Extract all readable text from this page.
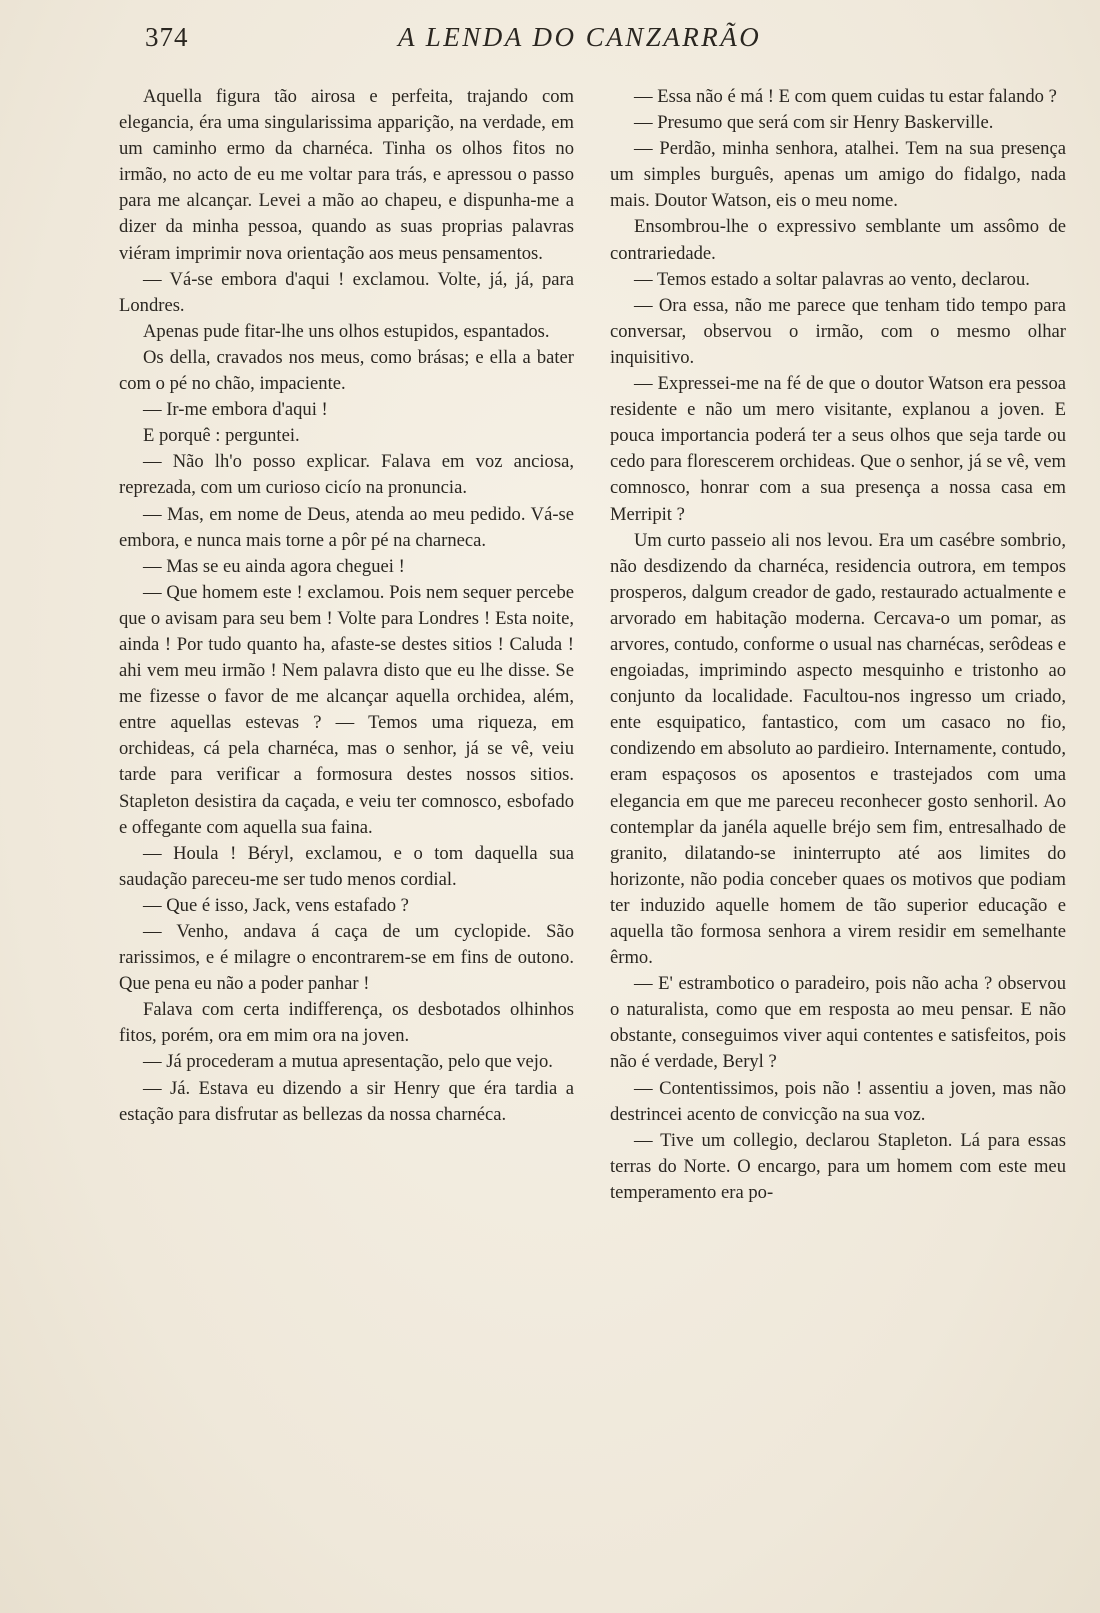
374	A LENDA DO CANZARRÃO

Aquella figura tão airosa e perfeita, trajando com elegancia, éra uma singularissima apparição, na verdade, em um caminho ermo da charnéca. Tinha os olhos fitos no irmão, no acto de eu me voltar para trás, e apressou o passo para me alcançar. Levei a mão ao chapeu, e dispunha-me a dizer da minha pessoa, quando as suas proprias palavras viéram imprimir nova orientação aos meus pensamentos.

— Vá-se embora d'aqui ! exclamou. Volte, já, já, para Londres.

Apenas pude fitar-lhe uns olhos estupidos, espantados.

Os della, cravados nos meus, como brásas; e ella a bater com o pé no chão, impaciente.

— Ir-me embora d'aqui !

E porquê : perguntei.

— Não lh'o posso explicar. Falava em voz anciosa, reprezada, com um curioso cicío na pronuncia.

— Mas, em nome de Deus, atenda ao meu pedido. Vá-se embora, e nunca mais torne a pôr pé na charneca.

— Mas se eu ainda agora cheguei !

— Que homem este ! exclamou. Pois nem sequer percebe que o avisam para seu bem ! Volte para Londres ! Esta noite, ainda ! Por tudo quanto ha, afaste-se destes sitios ! Caluda ! ahi vem meu irmão ! Nem palavra disto que eu lhe disse. Se me fizesse o favor de me alcançar aquella orchidea, além, entre aquellas estevas ? — Temos uma riqueza, em orchideas, cá pela charnéca, mas o senhor, já se vê, veiu tarde para verificar a formosura destes nossos sitios. Stapleton desistira da caçada, e veiu ter comnosco, esbofado e offegante com aquella sua faina.

— Houla ! Béryl, exclamou, e o tom daquella sua saudação pareceu-me ser tudo menos cordial.

— Que é isso, Jack, vens estafado ?

— Venho, andava á caça de um cyclopide. São rarissimos, e é milagre o encontrarem-se em fins de outono. Que pena eu não a poder panhar !

Falava com certa indifferença, os desbotados olhinhos fitos, porém, ora em mim ora na joven.

— Já procederam a mutua apresentação, pelo que vejo.

— Já. Estava eu dizendo a sir Henry que éra tardia a estação para disfrutar as bellezas da nossa charnéca.

— Essa não é má ! E com quem cuidas tu estar falando ?

— Presumo que será com sir Henry Baskerville.

— Perdão, minha senhora, atalhei. Tem na sua presença um simples burguês, apenas um amigo do fidalgo, nada mais. Doutor Watson, eis o meu nome.

Ensombrou-lhe o expressivo semblante um assômo de contrariedade.

— Temos estado a soltar palavras ao vento, declarou.

— Ora essa, não me parece que tenham tido tempo para conversar, observou o irmão, com o mesmo olhar inquisitivo.

— Expressei-me na fé de que o doutor Watson era pessoa residente e não um mero visitante, explanou a joven. E pouca importancia poderá ter a seus olhos que seja tarde ou cedo para florescerem orchideas. Que o senhor, já se vê, vem comnosco, honrar com a sua presença a nossa casa em Merripit ?

Um curto passeio ali nos levou. Era um casébre sombrio, não desdizendo da charnéca, residencia outrora, em tempos prosperos, dalgum creador de gado, restaurado actualmente e arvorado em habitação moderna. Cercava-o um pomar, as arvores, contudo, conforme o usual nas charnécas, serôdeas e engoiadas, imprimindo aspecto mesquinho e tristonho ao conjunto da localidade. Facultou-nos ingresso um criado, ente esquipatico, fantastico, com um casaco no fio, condizendo em absoluto ao pardieiro. Internamente, contudo, eram espaçosos os aposentos e trastejados com uma elegancia em que me pareceu reconhecer gosto senhoril. Ao contemplar da janéla aquelle bréjo sem fim, entresalhado de granito, dilatando-se ininterrupto até aos limites do horizonte, não podia conceber quaes os motivos que podiam ter induzido aquelle homem de tão superior educação e aquella tão formosa senhora a virem residir em semelhante êrmo.

— E' estrambotico o paradeiro, pois não acha ? observou o naturalista, como que em resposta ao meu pensar. E não obstante, conseguimos viver aqui contentes e satisfeitos, pois não é verdade, Beryl ?

— Contentissimos, pois não ! assentiu a joven, mas não destrincei acento de convicção na sua voz.

— Tive um collegio, declarou Stapleton. Lá para essas terras do Norte. O encargo, para um homem com este meu temperamento era po-
